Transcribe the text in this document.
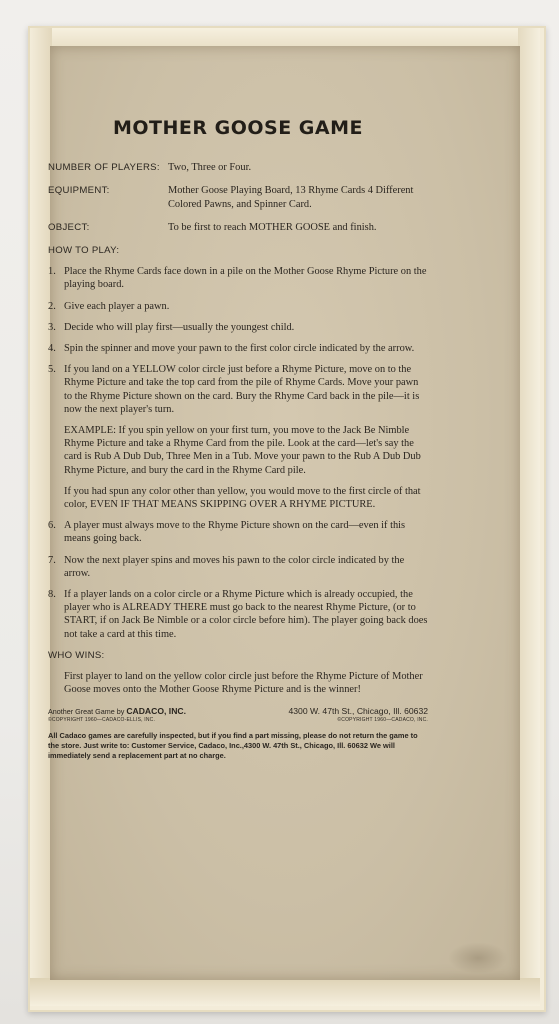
MOTHER GOOSE GAME
NUMBER OF PLAYERS: Two, Three or Four.
EQUIPMENT:	Mother Goose Playing Board, 13 Rhyme Cards 4 Different Colored Pawns, and Spinner Card.
OBJECT:	To be first to reach MOTHER GOOSE and finish.
HOW TO PLAY:
1. Place the Rhyme Cards face down in a pile on the Mother Goose Rhyme Picture on the playing board.
2. Give each player a pawn.
3. Decide who will play first—usually the youngest child.
4. Spin the spinner and move your pawn to the first color circle indicated by the arrow.
5. If you land on a YELLOW color circle just before a Rhyme Picture, move on to the Rhyme Picture and take the top card from the pile of Rhyme Cards. Move your pawn to the Rhyme Picture shown on the card. Bury the Rhyme Card back in the pile—it is now the next player's turn.
EXAMPLE: If you spin yellow on your first turn, you move to the Jack Be Nimble Rhyme Picture and take a Rhyme Card from the pile. Look at the card—let's say the card is Rub A Dub Dub, Three Men in a Tub. Move your pawn to the Rub A Dub Dub Rhyme Picture, and bury the card in the Rhyme Card pile.
If you had spun any color other than yellow, you would move to the first circle of that color, EVEN IF THAT MEANS SKIPPING OVER A RHYME PICTURE.
6. A player must always move to the Rhyme Picture shown on the card—even if this means going back.
7. Now the next player spins and moves his pawn to the color circle indicated by the arrow.
8. If a player lands on a color circle or a Rhyme Picture which is already occupied, the player who is ALREADY THERE must go back to the nearest Rhyme Picture, (or to START, if on Jack Be Nimble or a color circle before him). The player going back does not take a card at this time.
WHO WINS:
First player to land on the yellow color circle just before the Rhyme Picture of Mother Goose moves onto the Mother Goose Rhyme Picture and is the winner!
Another Great Game by CADACO, INC.	4300 W. 47th St., Chicago, Ill. 60632
©COPYRIGHT 1960—CADACO-ELLIS, INC.	©COPYRIGHT 1960—CADACO, INC.
All Cadaco games are carefully inspected, but if you find a part missing, please do not return the game to the store. Just write to: Customer Service, Cadaco, Inc.,4300 W. 47th St., Chicago, Ill. 60632 We will immediately send a replacement part at no charge.
